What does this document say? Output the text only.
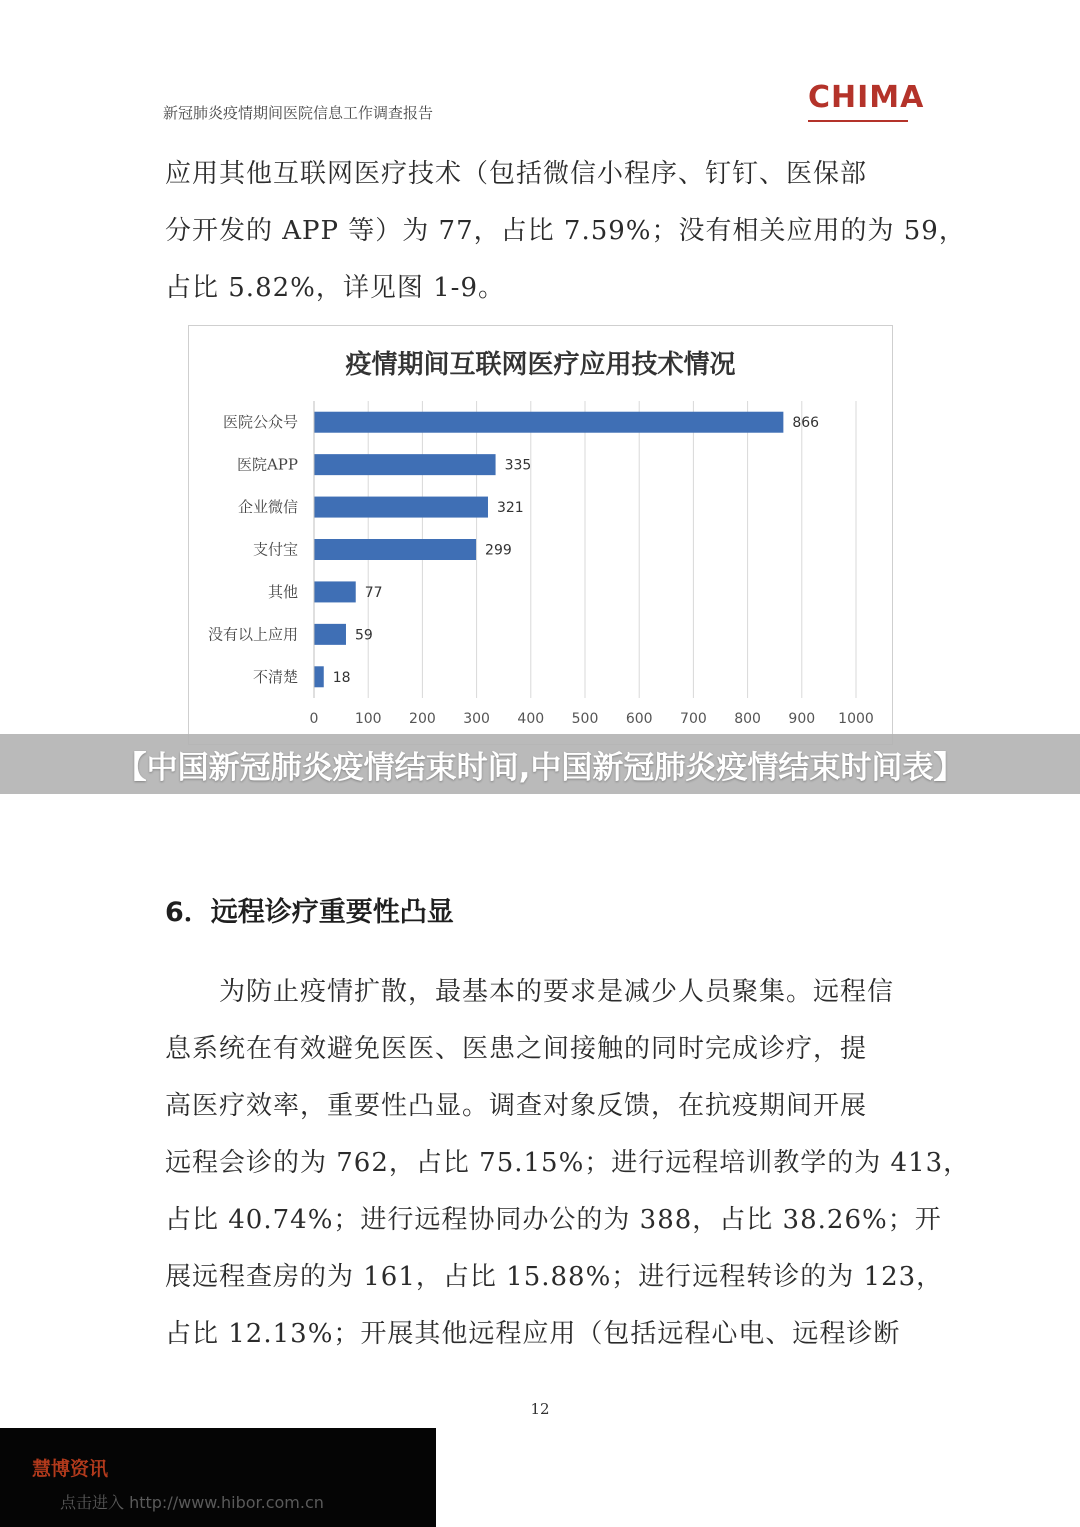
新冠肺炎疫情期间医院信息工作调查报告	CHIMA

应用其他互联网医疗技术（包括微信小程序、钉钉、医保部

分开发的 APP 等）为 77，占比 7.59%；没有相关应用的为 59，

占比 5.82%，详见图 1-9。

疫情期间互联网医疗应用技术情况
0	100 200 300 400 500 600 700 800 900 1000
医院公众号	866
医院APP	335
企业微信	321
支付宝	299
其他	77
没有以上应用	59
不清楚 18
6．远程诊疗重要性凸显

　　为防止疫情扩散，最基本的要求是减少人员聚集。远程信

息系统在有效避免医医、医患之间接触的同时完成诊疗，提

高医疗效率，重要性凸显。调查对象反馈，在抗疫期间开展

远程会诊的为 762，占比 75.15%；进行远程培训教学的为 413，

占比 40.74%；进行远程协同办公的为 388，占比 38.26%；开

展远程查房的为 161，占比 15.88%；进行远程转诊的为 123，

占比 12.13%；开展其他远程应用（包括远程心电、远程诊断

12
【中国新冠肺炎疫情结束时间,中国新冠肺炎疫情结束时间表】
慧博资讯
点击进入 http://www.hibor.com.cn
